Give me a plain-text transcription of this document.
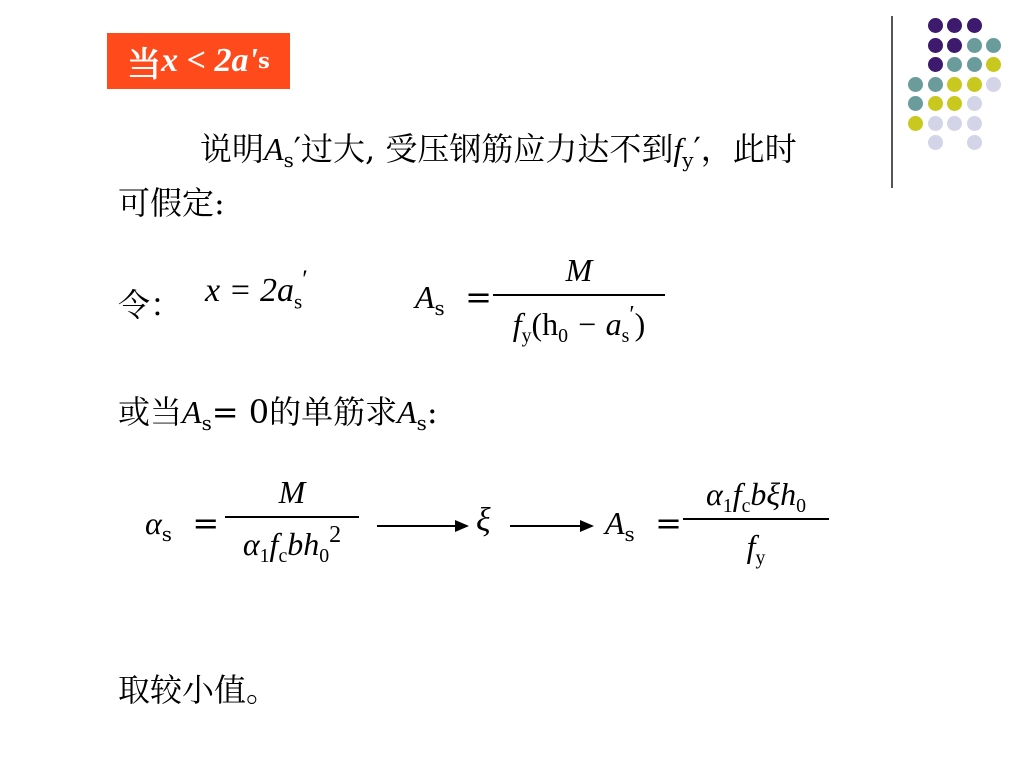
当 x < 2a' s
说明$A_s'$过大, 受压钢筋应力达不到$f_y'$，此时
可假定:
令： $x = 2a_s'$
$A_s$ =
M
$f_y(h_0 - a_s')$
或当$A_s= 0$的单筋求$A_s$:
$\alpha_s$ =
M
$\alpha_1f_cbh_0^2$	ξ	$A_s$ =
$\alpha_1f_cb\xi h_0$
$f_y$
取较小值。
